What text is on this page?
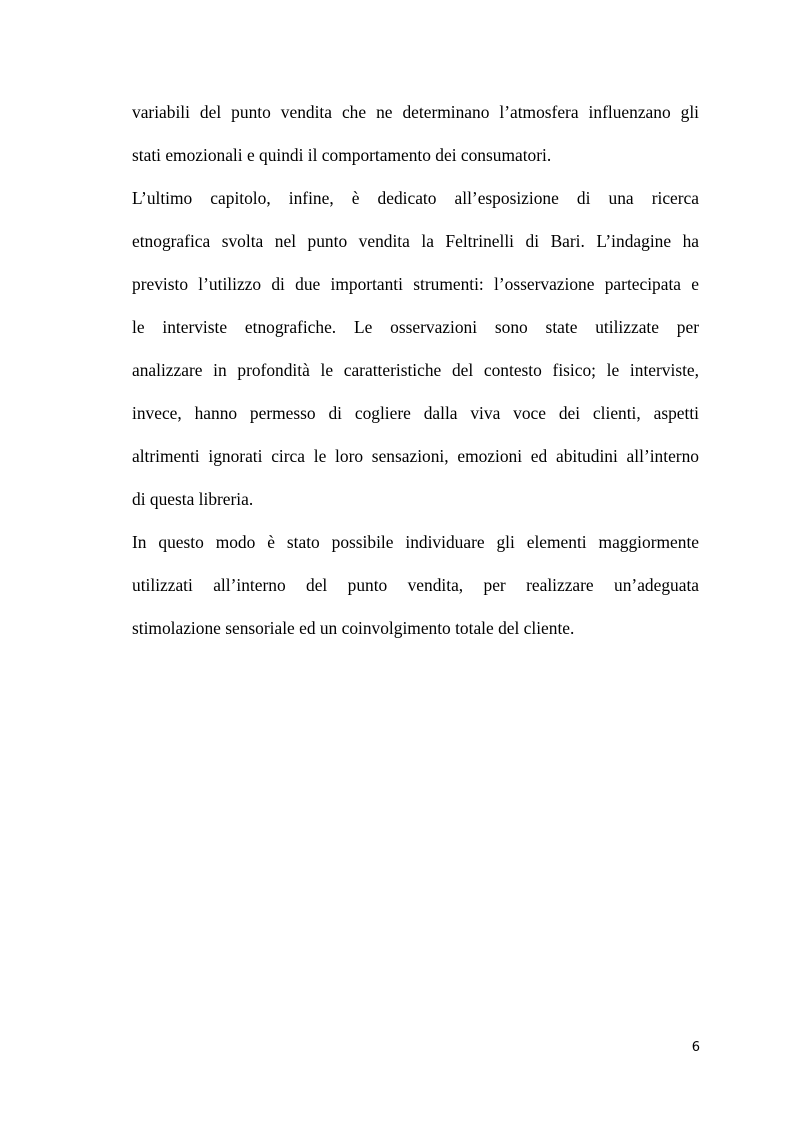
variabili del punto vendita che ne determinano l’atmosfera influenzano gli
stati emozionali e quindi il comportamento dei consumatori.
L’ultimo capitolo, infine, è dedicato all’esposizione di una ricerca
etnografica svolta nel punto vendita la Feltrinelli di Bari. L’indagine ha
previsto l’utilizzo di due importanti strumenti: l’osservazione partecipata e
le interviste etnografiche. Le osservazioni sono state utilizzate per
analizzare in profondità le caratteristiche del contesto fisico; le interviste,
invece, hanno permesso di cogliere dalla viva voce dei clienti, aspetti
altrimenti ignorati circa le loro sensazioni, emozioni ed abitudini all’interno
di questa libreria.
In questo modo è stato possibile individuare gli elementi maggiormente
utilizzati all’interno del punto vendita, per realizzare un’adeguata
stimolazione sensoriale ed un coinvolgimento totale del cliente.
6
